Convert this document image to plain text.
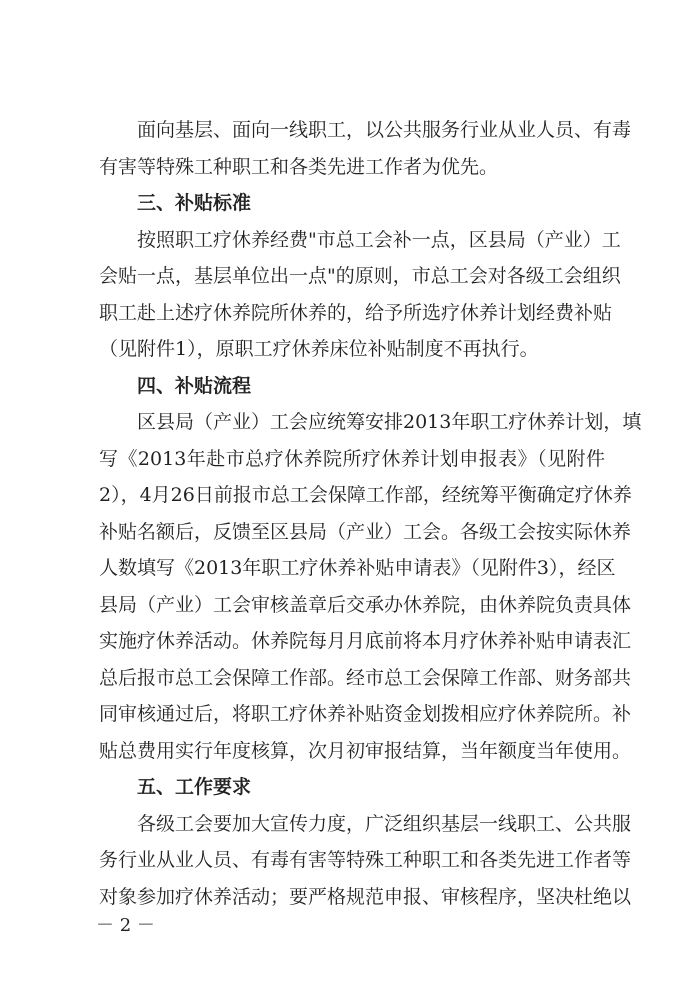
　　面向基层、面向一线职工，以公共服务行业从业人员、有毒
有害等特殊工种职工和各类先进工作者为优先。
三、补贴标准
　　按照职工疗休养经费"市总工会补一点，区县局（产业）工
会贴一点，基层单位出一点"的原则，市总工会对各级工会组织
职工赴上述疗休养院所休养的，给予所选疗休养计划经费补贴
（见附件1），原职工疗休养床位补贴制度不再执行。
四、补贴流程
　　区县局（产业）工会应统筹安排2013年职工疗休养计划，填
写《2013年赴市总疗休养院所疗休养计划申报表》（见附件
2），4月26日前报市总工会保障工作部，经统筹平衡确定疗休养
补贴名额后，反馈至区县局（产业）工会。各级工会按实际休养
人数填写《2013年职工疗休养补贴申请表》（见附件3），经区
县局（产业）工会审核盖章后交承办休养院，由休养院负责具体
实施疗休养活动。休养院每月月底前将本月疗休养补贴申请表汇
总后报市总工会保障工作部。经市总工会保障工作部、财务部共
同审核通过后，将职工疗休养补贴资金划拨相应疗休养院所。补
贴总费用实行年度核算，次月初审报结算，当年额度当年使用。
五、工作要求
　　各级工会要加大宣传力度，广泛组织基层一线职工、公共服
务行业从业人员、有毒有害等特殊工种职工和各类先进工作者等
对象参加疗休养活动；要严格规范申报、审核程序，坚决杜绝以
－ 2 －
